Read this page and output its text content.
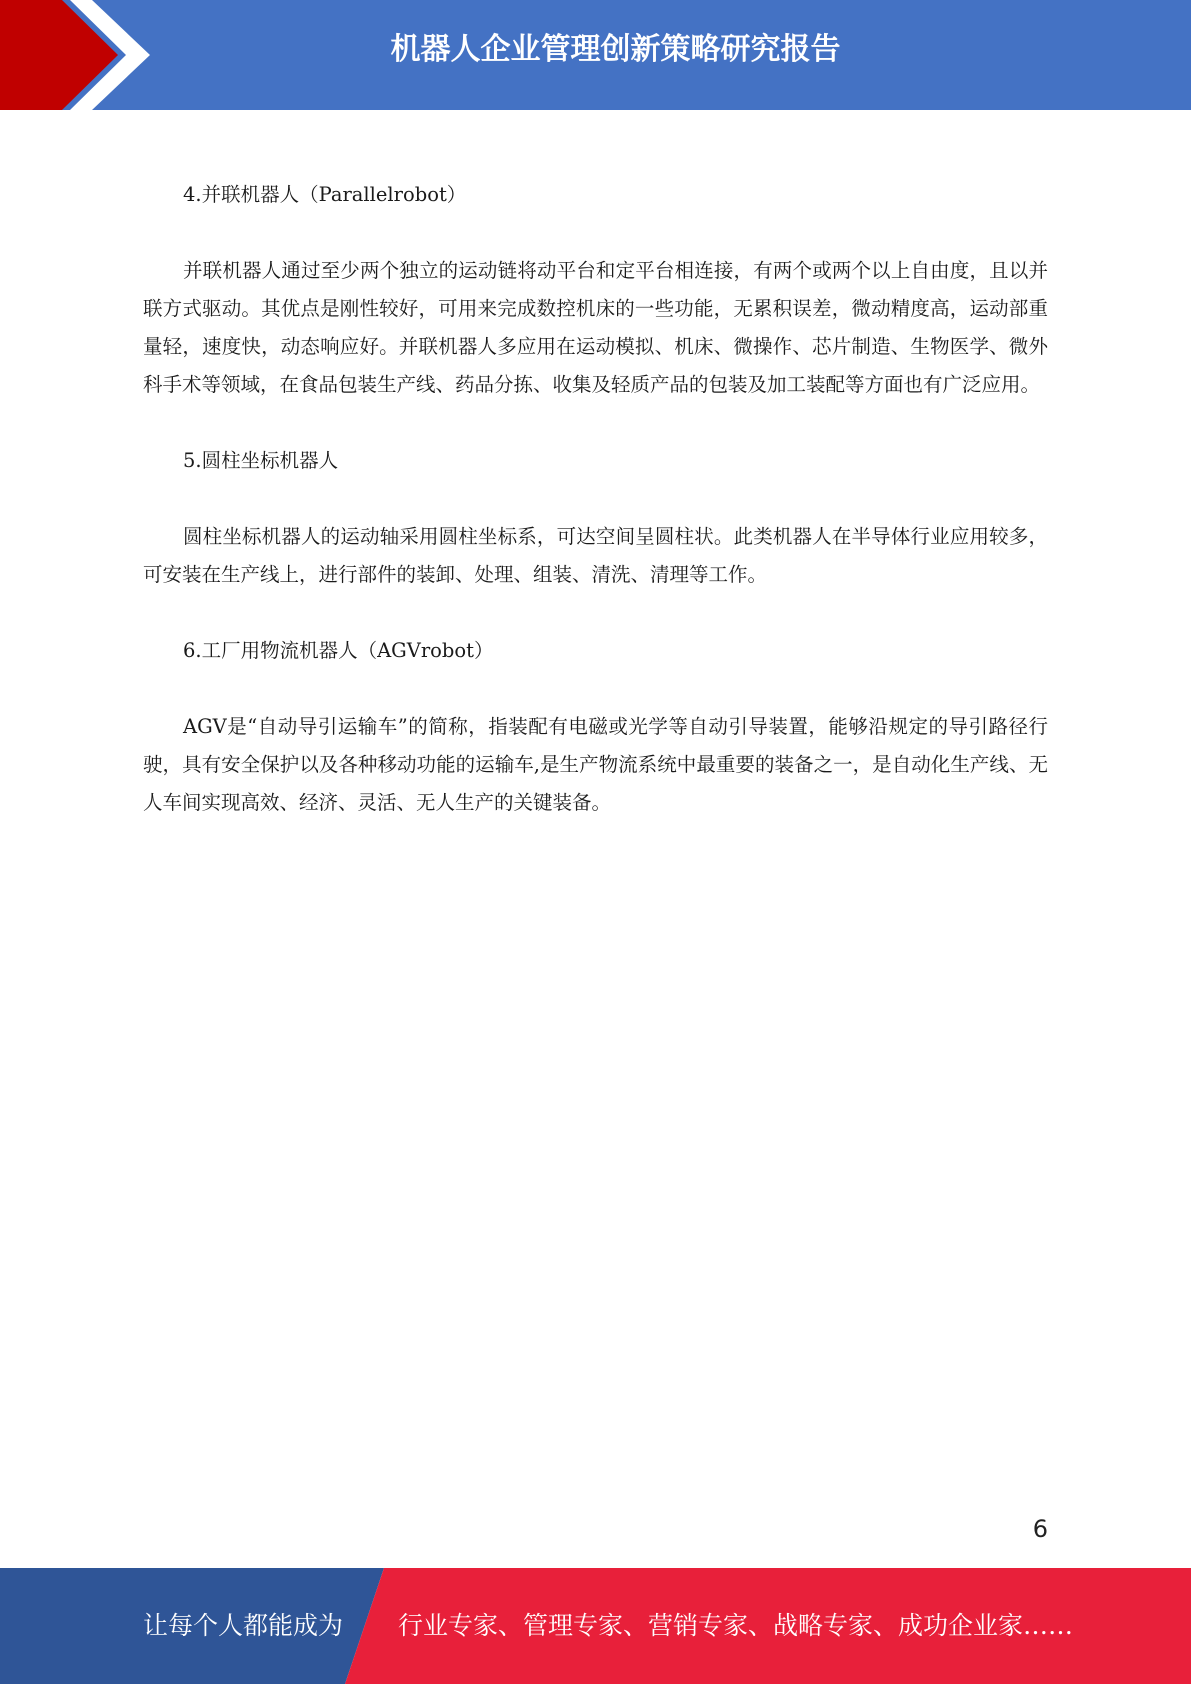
机器人企业管理创新策略研究报告
4.并联机器人（Parallelrobot）
并联机器人通过至少两个独立的运动链将动平台和定平台相连接，有两个或两个以上自由度，且以并联方式驱动。其优点是刚性较好，可用来完成数控机床的一些功能，无累积误差，微动精度高，运动部重量轻，速度快，动态响应好。并联机器人多应用在运动模拟、机床、微操作、芯片制造、生物医学、微外科手术等领域，在食品包装生产线、药品分拣、收集及轻质产品的包装及加工装配等方面也有广泛应用。
5.圆柱坐标机器人
圆柱坐标机器人的运动轴采用圆柱坐标系，可达空间呈圆柱状。此类机器人在半导体行业应用较多，可安装在生产线上，进行部件的装卸、处理、组装、清洗、清理等工作。
6.工厂用物流机器人（AGVrobot）
AGV是“自动导引运输车”的简称，指装配有电磁或光学等自动引导装置，能够沿规定的导引路径行驶，具有安全保护以及各种移动功能的运输车,是生产物流系统中最重要的装备之一，是自动化生产线、无人车间实现高效、经济、灵活、无人生产的关键装备。
6
让每个人都能成为 行业专家、管理专家、营销专家、战略专家、成功企业家……
